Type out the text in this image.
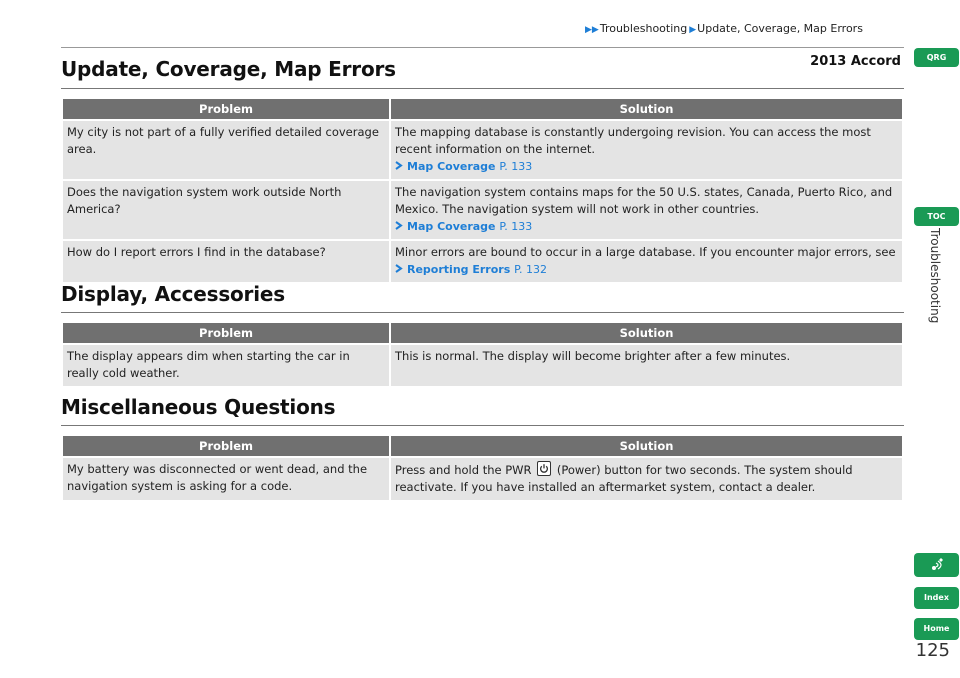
▶▶Troubleshooting ▶Update, Coverage, Map Errors
Update, Coverage, Map Errors	2013 Accord
Problem	Solution
My city is not part of a fully verified detailed coverage area.	The mapping database is constantly undergoing revision. You can access the most recent information on the internet.
Map Coverage P. 133

Does the navigation system work outside North America?	The navigation system contains maps for the 50 U.S. states, Canada, Puerto Rico, and Mexico. The navigation system will not work in other countries.
Map Coverage P. 133

How do I report errors I find in the database?	Minor errors are bound to occur in a large database. If you encounter major errors, see
Reporting Errors P. 132
Display, Accessories
Problem	Solution
The display appears dim when starting the car in really cold weather.	This is normal. The display will become brighter after a few minutes.
Miscellaneous Questions
Problem	Solution
My battery was disconnected or went dead, and the navigation system is asking for a code.	Press and hold the PWR (Power) button for two seconds. The system should reactivate. If you have installed an aftermarket system, contact a dealer.
QRG
TOC
Troubleshooting
Index
Home
125
